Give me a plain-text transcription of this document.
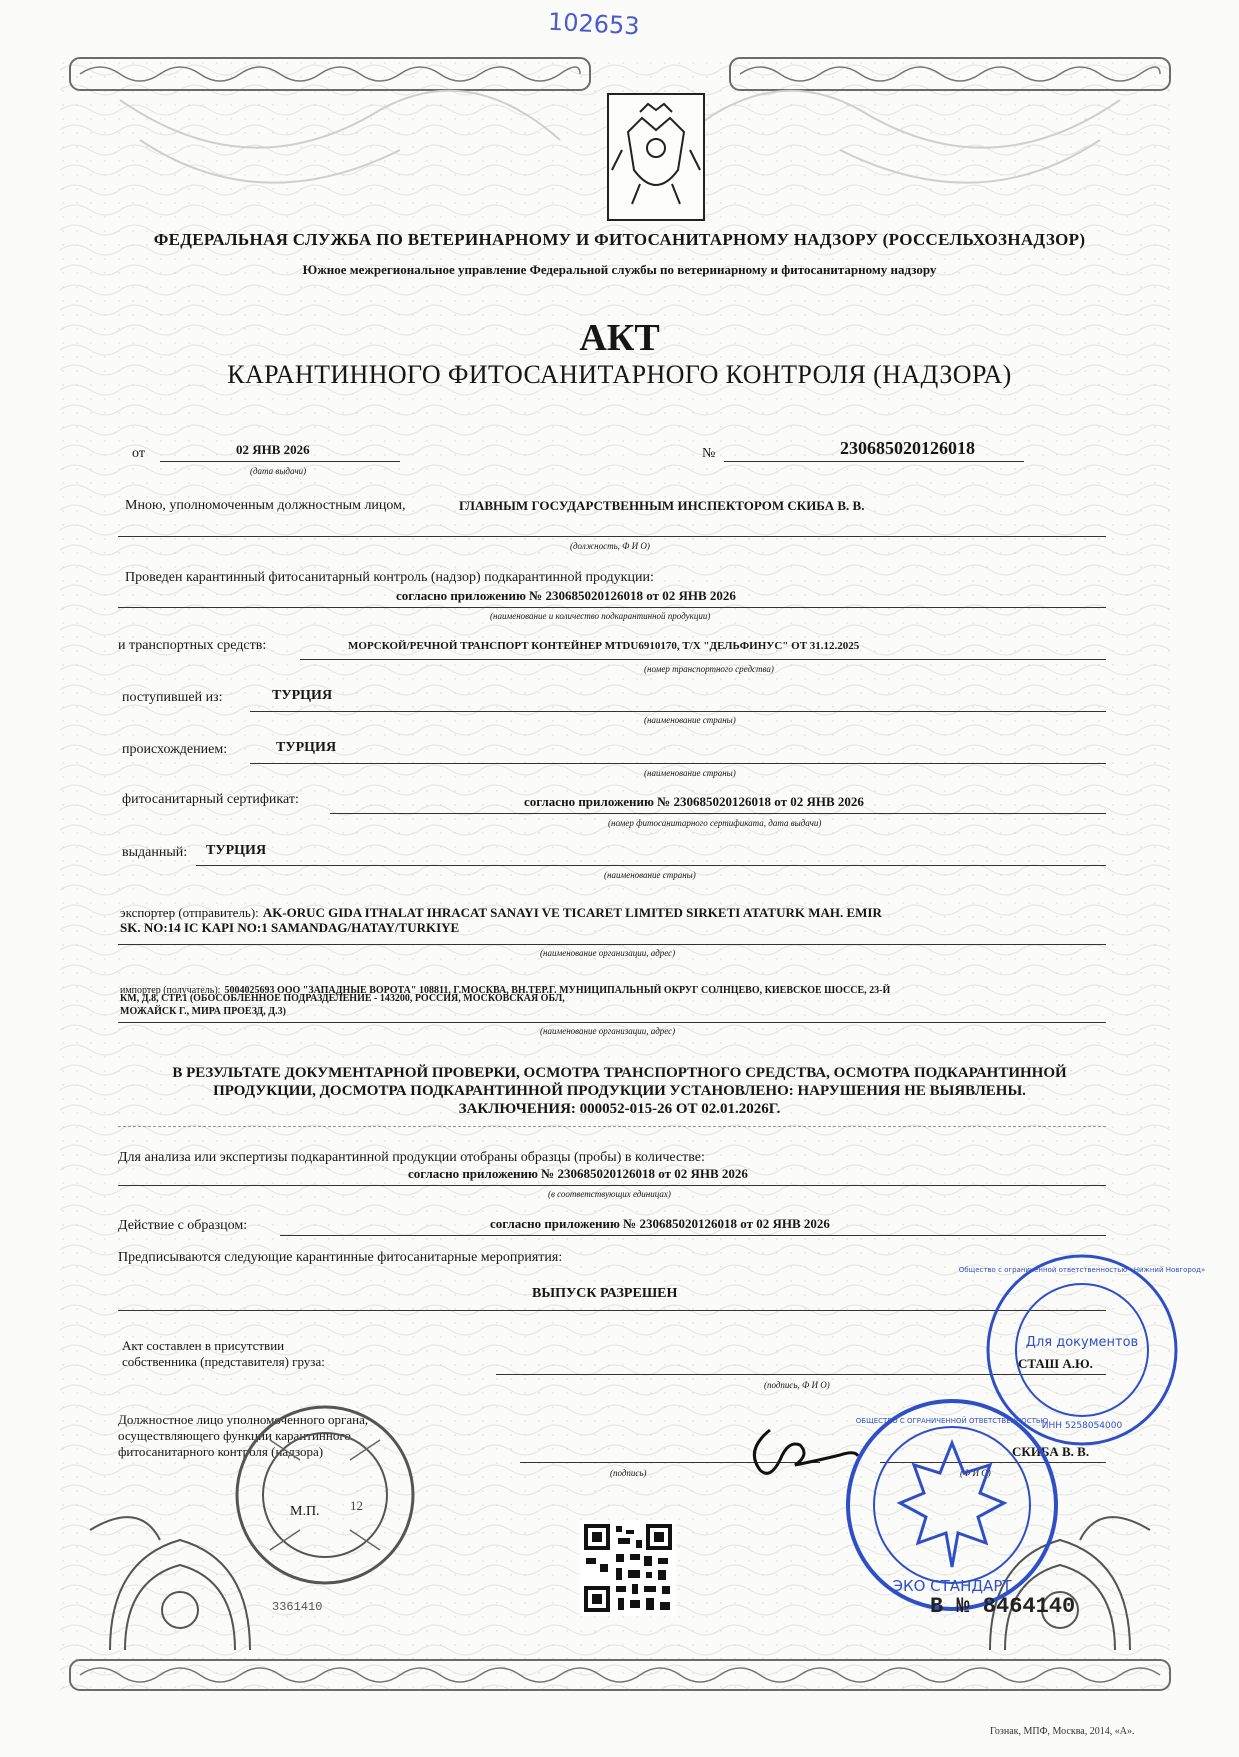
102653
ФЕДЕРАЛЬНАЯ СЛУЖБА ПО ВЕТЕРИНАРНОМУ И ФИТОСАНИТАРНОМУ НАДЗОРУ (РОССЕЛЬХОЗНАДЗОР)
Южное межрегиональное управление Федеральной службы по ветеринарному и фитосанитарному надзору
АКТ
КАРАНТИННОГО ФИТОСАНИТАРНОГО КОНТРОЛЯ (НАДЗОРА)
от	02 ЯНВ 2026
(дата выдачи)
№	230685020126018
Мною, уполномоченным должностным лицом,	ГЛАВНЫМ ГОСУДАРСТВЕННЫМ ИНСПЕКТОРОМ СКИБА В. В.
(должность, Ф И О)
Проведен карантинный фитосанитарный контроль (надзор) подкарантинной продукции:
согласно приложению № 230685020126018 от 02 ЯНВ 2026
(наименование и количество подкарантинной продукции)
и транспортных средств:	МОРСКОЙ/РЕЧНОЙ ТРАНСПОРТ КОНТЕЙНЕР MTDU6910170, Т/Х "ДЕЛЬФИНУС" ОТ 31.12.2025
(номер транспортного средства)
поступившей из:	ТУРЦИЯ
(наименование страны)
происхождением:	ТУРЦИЯ
(наименование страны)
фитосанитарный сертификат:	согласно приложению № 230685020126018 от 02 ЯНВ 2026
(номер фитосанитарного сертификата, дата выдачи)
выданный: ТУРЦИЯ
(наименование страны)
экспортер (отправитель): AK-ORUC GIDA ITHALAT IHRACAT SANAYI VE TICARET LIMITED SIRKETI ATATURK MAH. EMIR
SK. NO:14 IC KAPI NO:1 SAMANDAG/HATAY/TURKIYE
(наименование организации, адрес)
импортер (получатель): 5004025693 ООО "ЗАПАДНЫЕ ВОРОТА" 108811, Г.МОСКВА, ВН.ТЕР.Г. МУНИЦИПАЛЬНЫЙ ОКРУГ СОЛНЦЕВО, КИЕВСКОЕ ШОССЕ, 23-Й
КМ, Д.8, СТР.1 (ОБОСОБЛЕННОЕ ПОДРАЗДЕЛЕНИЕ - 143200, РОССИЯ, МОСКОВСКАЯ ОБЛ,
МОЖАЙСК Г., МИРА ПРОЕЗД, Д.3)
(наименование организации, адрес)
В РЕЗУЛЬТАТЕ ДОКУМЕНТАРНОЙ ПРОВЕРКИ, ОСМОТРА ТРАНСПОРТНОГО СРЕДСТВА, ОСМОТРА ПОДКАРАНТИННОЙ
ПРОДУКЦИИ, ДОСМОТРА ПОДКАРАНТИННОЙ ПРОДУКЦИИ УСТАНОВЛЕНО: НАРУШЕНИЯ НЕ ВЫЯВЛЕНЫ.
ЗАКЛЮЧЕНИЯ: 000052-015-26 ОТ 02.01.2026Г.
Для анализа или экспертизы подкарантинной продукции отобраны образцы (пробы) в количестве:
согласно приложению № 230685020126018 от 02 ЯНВ 2026
(в соответствующих единицах)
Действие с образцом:	согласно приложению № 230685020126018 от 02 ЯНВ 2026
Предписываются следующие карантинные фитосанитарные мероприятия:
ВЫПУСК РАЗРЕШЕН
Акт составлен в присутствии
собственника (представителя) груза:	СТАШ А.Ю.
(подпись, Ф И О)
Должностное лицо уполномоченного органа,
осуществляющего функции карантинного
фитосанитарного контроля (надзора)	СКИБА В. В.
(подпись)	(Ф И О)
М.П. 12
Для документов
ИНН 5258054000
Общество с ограниченной ответственностью «Нижний Новгород»
ЭКО СТАНДАРТ
ОБЩЕСТВО С ОГРАНИЧЕННОЙ ОТВЕТСТВЕННОСТЬЮ
В № 8464140
3361410
Гознак, МПФ, Москва, 2014, «А».
